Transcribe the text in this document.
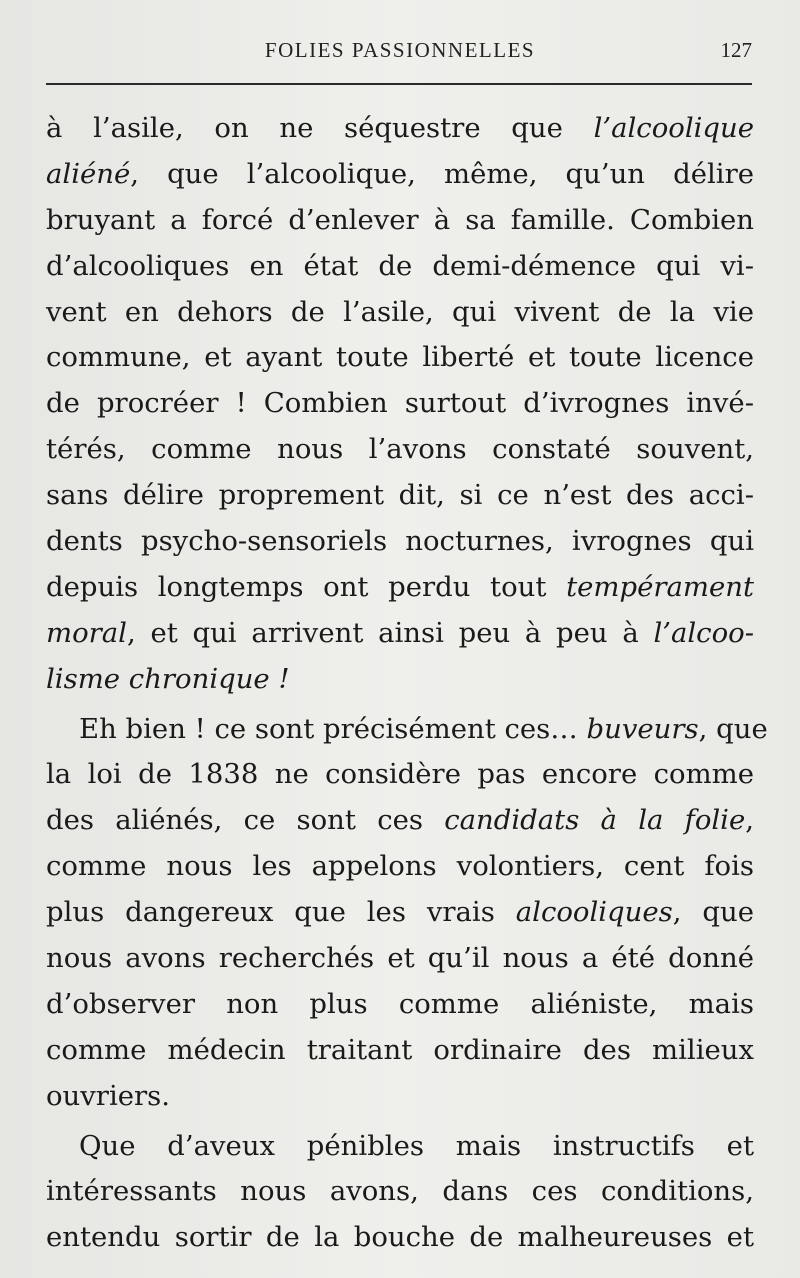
FOLIES PASSIONNELLES	127
à l’asile, on ne séquestre que l’alcoolique
aliéné, que l’alcoolique, même, qu’un délire
bruyant a forcé d’enlever à sa famille. Combien
d’alcooliques en état de demi-démence qui vi-
vent en dehors de l’asile, qui vivent de la vie
commune, et ayant toute liberté et toute licence
de procréer ! Combien surtout d’ivrognes invé-
térés, comme nous l’avons constaté souvent,
sans délire proprement dit, si ce n’est des acci-
dents psycho-sensoriels nocturnes, ivrognes qui
depuis longtemps ont perdu tout tempérament
moral, et qui arrivent ainsi peu à peu à l’alcoo-
lisme chronique !
Eh bien ! ce sont précisément ces… buveurs, que
la loi de 1838 ne considère pas encore comme
des aliénés, ce sont ces candidats à la folie,
comme nous les appelons volontiers, cent fois
plus dangereux que les vrais alcooliques, que
nous avons recherchés et qu’il nous a été donné
d’observer non plus comme aliéniste, mais
comme médecin traitant ordinaire des milieux
ouvriers.
Que d’aveux pénibles mais instructifs et
intéressants nous avons, dans ces conditions,
entendu sortir de la bouche de malheureuses et
